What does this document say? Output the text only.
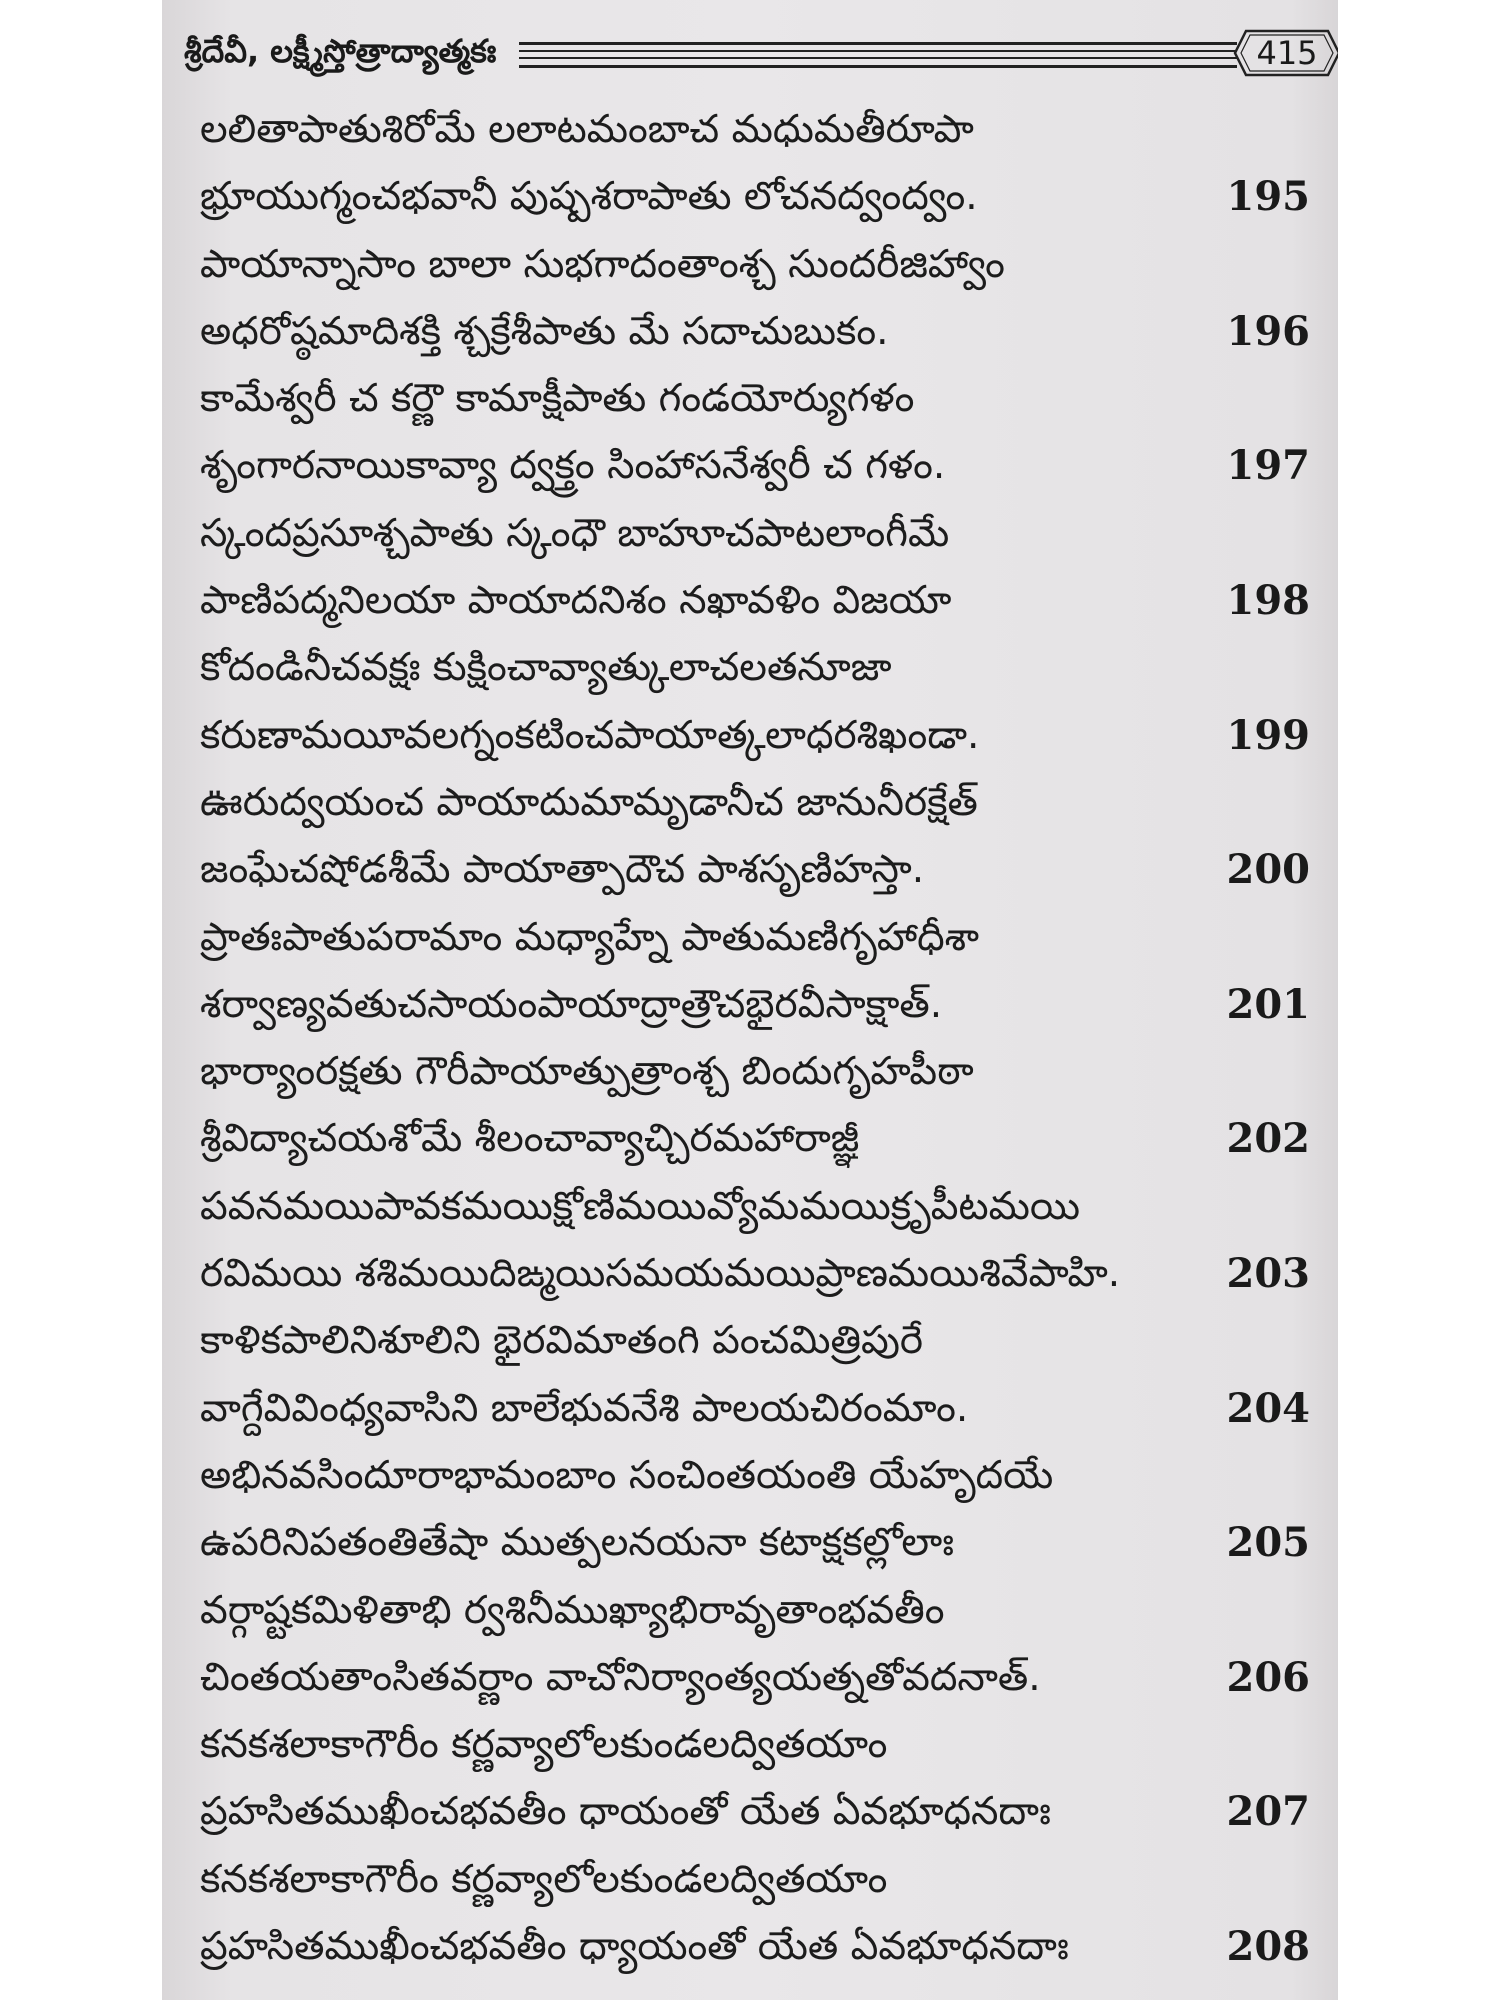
శ్రీదేవీ, లక్ష్మీస్తోత్రాద్యాత్మకః	415
లలితాపాతుశిరోమే లలాటమంబాచ మధుమతీరూపా
భ్రూయుగ్మంచభవానీ పుష్పశరాపాతు లోచనద్వంద్వం.	195
పాయాన్నాసాం బాలా సుభగాదంతాంశ్చ సుందరీజిహ్వాం
అధరోష్ఠమాదిశక్తి శ్చక్రేశీపాతు మే సదాచుబుకం.	196
కామేశ్వరీ చ కర్ణౌ కామాక్షీపాతు గండయోర్యుగళం
శృంగారనాయికావ్యా ద్వక్త్రం సింహాసనేశ్వరీ చ గళం.	197
స్కందప్రసూశ్చపాతు స్కంధౌ బాహూచపాటలాంగీమే
పాణిపద్మనిలయా పాయాదనిశం నఖావళిం విజయా	198
కోదండినీచవక్షః కుక్షించావ్యాత్కులాచలతనూజా
కరుణామయీవలగ్నంకటించపాయాత్కలాధరశిఖండా.	199
ఊరుద్వయంచ పాయాదుమామృడానీచ జానునీరక్షేత్
జంఘేచషోడశీమే పాయాత్పాదౌచ పాశసృణిహస్తా.	200
ప్రాతఃపాతుపరామాం మధ్యాహ్నే పాతుమణిగృహాధీశా
శర్వాణ్యవతుచసాయంపాయాద్రాత్రౌచభైరవీసాక్షాత్.	201
భార్యాంరక్షతు గౌరీపాయాత్పుత్రాంశ్చ బిందుగృహపీఠా
శ్రీవిద్యాచయశోమే శీలంచావ్యాచ్చిరమహారాజ్ఞీ	202
పవనమయిపావకమయిక్షోణిమయివ్యోమమయిక్రృపీటమయి
రవిమయి శశిమయిదిఙ్మయిసమయమయిప్రాణమయిశివేపాహి.	203
కాళికపాలినిశూలిని భైరవిమాతంగి పంచమిత్రిపురే
వాగ్దేవివింధ్యవాసిని బాలేభువనేశి పాలయచిరంమాం.	204
అభినవసిందూరాభామంబాం సంచింతయంతి యేహృదయే
ఉపరినిపతంతితేషా ముత్పలనయనా కటాక్షకల్లోలాః	205
వర్గాష్టకమిళితాభి ర్వశినీముఖ్యాభిరావృతాంభవతీం
చింతయతాంసితవర్ణాం వాచోనిర్యాంత్యయత్నతోవదనాత్.	206
కనకశలాకాగౌరీం కర్ణవ్యాలోలకుండలద్వితయాం
ప్రహసితముఖీంచభవతీం ధాయంతో యేత ఏవభూధనదాః	207
కనకశలాకాగౌరీం కర్ణవ్యాలోలకుండలద్వితయాం
ప్రహసితముఖీంచభవతీం ధ్యాయంతో యేత ఏవభూధనదాః	208
